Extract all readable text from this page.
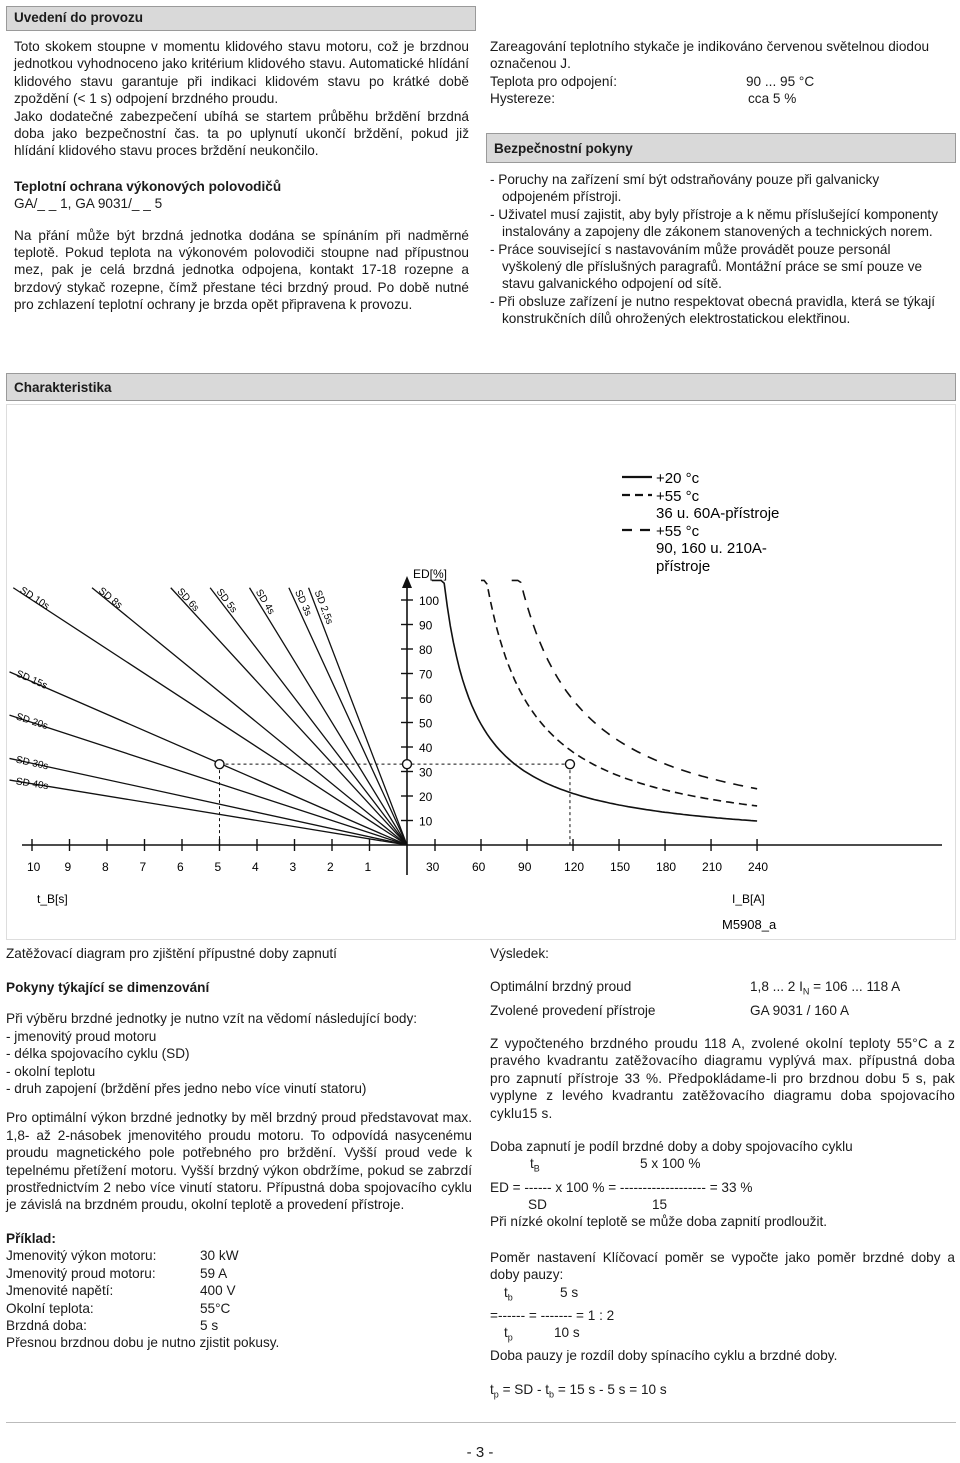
Uvedení do provozu

Toto skokem stoupne v momentu klidového stavu motoru, což je brzdnou jednotkou vyhodnoceno jako kritérium klidového stavu. Automatické hlídání klidového stavu garantuje při indikaci klidovém stavu po krátké době zpoždění (< 1 s) odpojení brzdného proudu.

Jako dodatečné zabezpečení ubíhá se startem průběhu brždění brzdná doba jako bezpečnostní čas. ta po uplynutí ukončí brždění, pokud již hlídání klidového stavu proces brždění neukončilo.

Teplotní ochrana výkonových polovodičů

GA/_ _ 1, GA 9031/_ _ 5

Na přání může být brzdná jednotka dodána se spínáním při nadměrné teplotě. Pokud teplota na výkonovém polovodiči stoupne nad přípustnou mez, pak je celá brzdná jednotka odpojena, kontakt 17-18 rozepne a brzdový stykač rozepne, čímž přestane téci brzdný proud. Po době nutné pro zchlazení teplotní ochrany je brzda opět připravena k provozu.

Zareagování teplotního stykače je indikováno červenou světelnou diodou označenou J.

Teplota pro odpojení:	90 ... 95 °C
Hystereze:	cca 5 %
Bezpečnostní pokyny

- Poruchy na zařízení smí být odstraňovány pouze při galvanicky odpojeném přístroji.

- Uživatel musí zajistit, aby byly přístroje a k němu příslušející komponenty instalovány a zapojeny dle zákonem stanovených a technických norem.

- Práce související s nastavováním může provádět pouze personál vyškolený dle příslušných paragrafů. Montážní práce se smí pouze ve stavu galvanického odpojení od sítě.

- Při obsluze zařízení je nutno respektovat obecná pravidla, která se týkají konstrukčních dílů ohrožených elektrostatickou elektřinou.

Charakteristika
10
20
30
40
50
60
70
80
90
100
ED[%]
10 9	8	7	6	5	4	3	2	1
t_B[s]
30	60	90	120 150 180 210 240
I_B[A]
M5908_a
SD 2,5s
SD 3s
SD 4s
SD 5s
SD 6s
SD 8s
SD 10s
SD 15s
SD 20s
SD 30s
SD 40s
+20 °c
+55 °c
36 u. 60A-přístroje
+55 °c
90, 160 u. 210A-
přístroje

Zatěžovací diagram pro zjištění přípustné doby zapnutí

Pokyny týkající se dimenzování

Při výběru brzdné jednotky je nutno vzít na vědomí následující body:

- jmenovitý proud motoru

- délka spojovacího cyklu (SD)

- okolní teplotu

- druh zapojení (brždění přes jedno nebo více vinutí statoru)

Pro optimální výkon brzdné jednotky by měl brzdný proud představovat max. 1,8- až 2-násobek jmenovitého proudu motoru. To odpovídá nasycenému proudu magnetického pole potřebného pro brždění. Vyšší proud vede k tepelnému přetížení motoru. Vyšší brzdný výkon obdržíme, pokud se zabrzdí prostřednictvím 2 nebo více vinutí statoru. Přípustná doba spojovacího cyklu je závislá na brzdném proudu, okolní teplotě a provedení přístroje.

Příklad:

Jmenovitý výkon motoru:	30 kW
Jmenovitý proud motoru:	59 A
Jmenovité napětí:	400 V
Okolní teplota:	55°C
Brzdná doba:	5 s

Přesnou brzdnou dobu je nutno zjistit pokusy.

Výsledek:

Optimální brzdný proud	1,8 ... 2 $I_N = 106$ ... 118 A
Zvolené provedení přístroje	GA 9031 / 160 A

Z vypočteného brzdného proudu 118 A, zvolené okolní teploty 55°C a z pravého kvadrantu zatěžovacího diagramu vyplývá max. přípustná doba pro zapnutí přístroje 33 %. Předpokládame-li pro brzdnou dobu 5 s, pak vyplyne z levého kvadrantu zatěžovacího diagramu doba spojovacího cyklu15 s.

Doba zapnutí je podíl brzdné doby a doby spojovacího cyklu

$t_B$	5 x 100 %

ED = ------ x 100 % = ------------------- = 33 %

SD	15

Při nízké okolní teplotě se může doba zapnití prodloužit.

Poměr nastavení Klíčovací poměr se vypočte jako poměr brzdné doby a doby pauzy:

$t_b$	5 s

=------ = ------- = 1 : 2

$t_p$	10 s

Doba pauzy je rozdíl doby spínacího cyklu a brzdné doby.

$t_p$ = SD - $t_b = 15$ s - 5 s = 10 s

- 3 -
